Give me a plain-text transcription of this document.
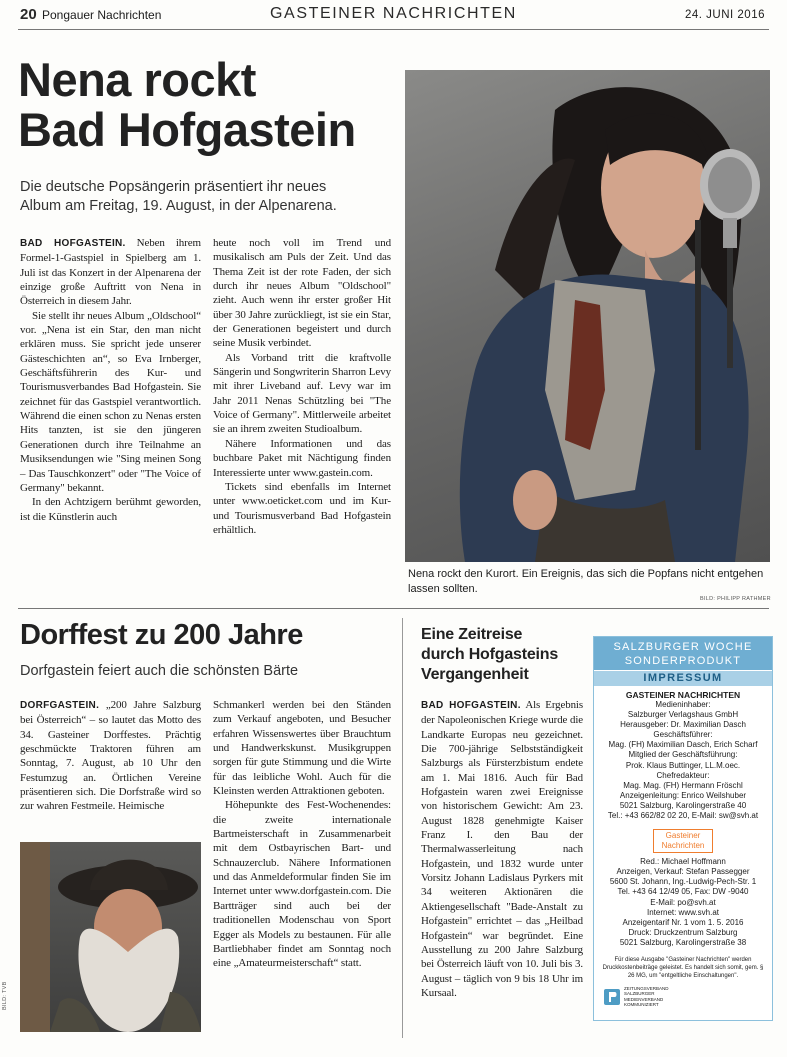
20 Pongauer Nachrichten	GASTEINER NACHRICHTEN	24. JUNI 2016
Nena rockt
Bad Hofgastein
Die deutsche Popsängerin präsentiert ihr neues
Album am Freitag, 19. August, in der Alpenarena.

BAD HOFGASTEIN. Neben ihrem Formel-1-Gastspiel in Spielberg am 1. Juli ist das Konzert in der Alpenarena der einzige große Auftritt von Nena in Österreich in diesem Jahr.

Sie stellt ihr neues Album „Oldschool“ vor. „Nena ist ein Star, den man nicht erklären muss. Sie spricht jede unserer Gästeschichten an“, so Eva Irnberger, Geschäftsführerin des Kur- und Tourismusverbandes Bad Hofgastein. Sie zeichnet für das Gastspiel verantwortlich. Während die einen schon zu Nenas ersten Hits tanzten, ist sie den jüngeren Generationen durch ihre Teilnahme an Musiksendungen wie "Sing meinen Song – Das Tauschkonzert" oder "The Voice of Germany" bekannt.

In den Achtzigern berühmt geworden, ist die Künstlerin auch

heute noch voll im Trend und musikalisch am Puls der Zeit. Und das Thema Zeit ist der rote Faden, der sich durch ihr neues Album "Oldschool" zieht. Auch wenn ihr erster großer Hit über 30 Jahre zurückliegt, ist sie ein Star, der Generationen begeistert und durch seine Musik verbindet.

Als Vorband tritt die kraftvolle Sängerin und Songwriterin Sharron Levy mit ihrer Liveband auf. Levy war im Jahr 2011 Nenas Schützling bei "The Voice of Germany". Mittlerweile arbeitet sie an ihrem zweiten Studioalbum.

Nähere Informationen und das buchbare Paket mit Nächtigung finden Interessierte unter www.gastein.com.

Tickets sind ebenfalls im Internet unter www.oeticket.com und im Kur- und Tourismusverband Bad Hofgastein erhältlich.

Nena rockt den Kurort. Ein Ereignis, das sich die Popfans nicht entgehen lassen sollten.
BILD: PHILIPP RATHMER
Dorffest zu 200 Jahre
Dorfgastein feiert auch die schönsten Bärte

DORFGASTEIN. „200 Jahre Salzburg bei Österreich“ – so lautet das Motto des 34. Gasteiner Dorffestes. Prächtig geschmückte Traktoren führen am Sonntag, 7. August, ab 10 Uhr den Festumzug an. Örtlichen Vereine präsentieren sich. Die Dorfstraße wird so zur wahren Festmeile. Heimische

BILD: TVB

Schmankerl werden bei den Ständen zum Verkauf angeboten, und Besucher erfahren Wissenswertes über Brauchtum und Handwerkskunst. Musikgruppen sorgen für gute Stimmung und die Wirte für das leibliche Wohl. Auch für die Kleinsten werden Attraktionen geboten.

Höhepunkte des Fest-Wochenendes: die zweite internationale Bartmeisterschaft in Zusammenarbeit mit dem Ostbayrischen Bart- und Schnauzerclub. Nähere Informationen und das Anmeldeformular finden Sie im Internet unter www.dorfgastein.com. Die Bartträger sind auch bei der traditionellen Modenschau von Sport Egger als Models zu bestaunen. Für alle Bartliebhaber findet am Sonntag noch eine „Amateurmeisterschaft“ statt.

Eine Zeitreise
durch Hofgasteins
Vergangenheit

BAD HOFGASTEIN. Als Ergebnis der Napoleonischen Kriege wurde die Landkarte Europas neu gezeichnet. Die 700-jährige Selbstständigkeit Salzburgs als Fürsterzbistum endete am 1. Mai 1816. Auch für Bad Hofgastein waren zwei Ereignisse von historischem Gewicht: Am 23. August 1828 genehmigte Kaiser Franz I. den Bau der Thermalwasserleitung nach Hofgastein, und 1832 wurde unter Vorsitz Johann Ladislaus Pyrkers mit 34 weiteren Aktionären die Aktiengesellschaft "Bade-Anstalt zu Hofgastein" errichtet – das „Heilbad Hofgastein“ war begründet. Eine Ausstellung zu 200 Jahre Salzburg bei Österreich läuft von 10. Juli bis 3. August – täglich von 9 bis 18 Uhr im Kursaal.

SALZBURGER WOCHE
SONDERPRODUKT
IMPRESSUM
GASTEINER NACHRICHTEN
Medieninhaber:
Salzburger Verlagshaus GmbH
Herausgeber: Dr. Maximilian Dasch
Geschäftsführer:
Mag. (FH) Maximilian Dasch, Erich Scharf
Mitglied der Geschäftsführung:
Prok. Klaus Buttinger, LL.M.oec.
Chefredakteur:
Mag. Mag. (FH) Hermann Fröschl
Anzeigenleitung: Enrico Weilshuber
5021 Salzburg, Karolingerstraße 40
Tel.: +43 662/82 02 20, E-Mail: sw@svh.at
Gasteiner
Nachrichten
Red.: Michael Hoffmann
Anzeigen, Verkauf: Stefan Passegger
5600 St. Johann, Ing.-Ludwig-Pech-Str. 1
Tel. +43 64 12/49 05, Fax: DW -9040
E-Mail: po@svh.at
Internet: www.svh.at
Anzeigentarif Nr. 1 vom 1. 5. 2016
Druck: Druckzentrum Salzburg
5021 Salzburg, Karolingerstraße 38
Für diese Ausgabe "Gasteiner Nachrichten" werden Druckkostenbeiträge geleistet. Es handelt sich somit, gem. § 26 MG, um "entgeltliche Einschaltungen".
ZEITUNGSVERBAND SALZBURGER MEDIENVERBAND KOMMUNIZIERT
